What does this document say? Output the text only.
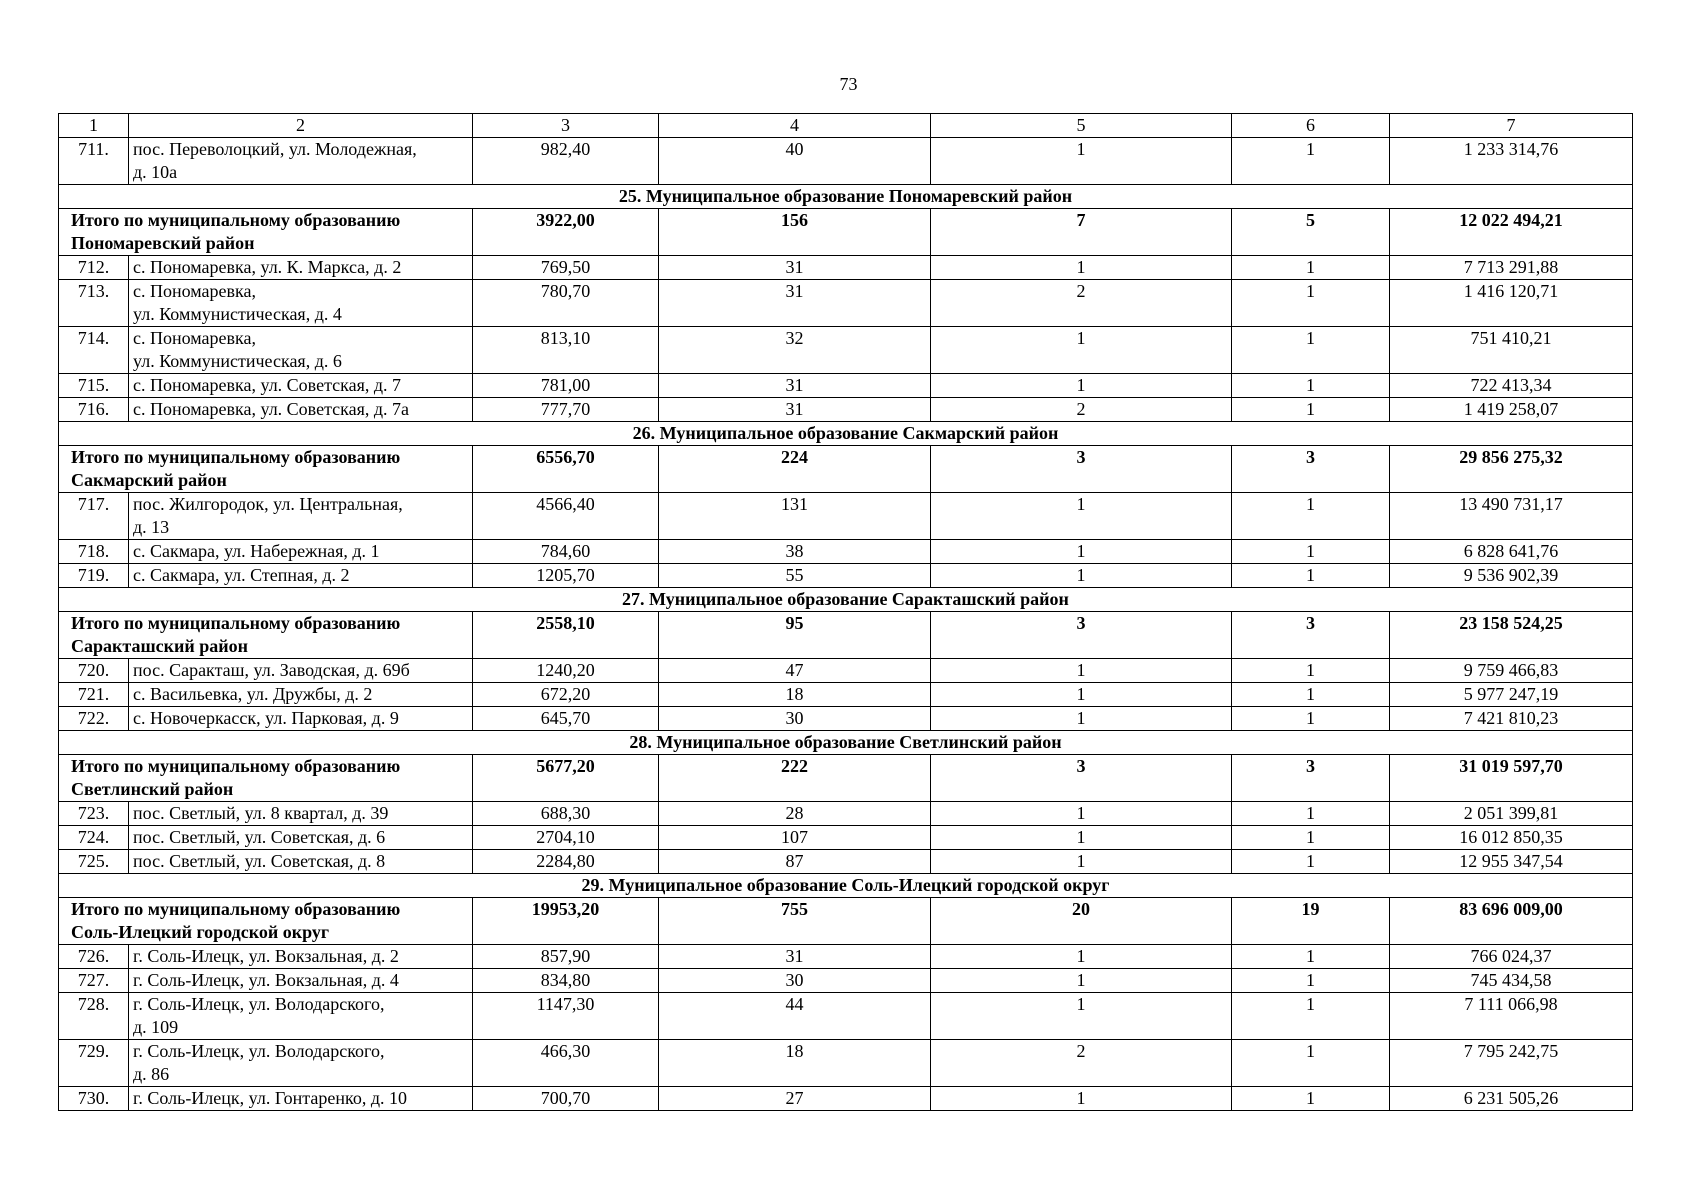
73
1	2	3	4	5	6	7
711.	пос. Переволоцкий, ул. Молодежная,
д. 10а	982,40	40	1	1	1 233 314,76
25. Муниципальное образование Пономаревский район						

Итого по муниципальному образованию
Пономаревский район		3922,00	156	7	5	12 022 494,21
712.	с. Пономаревка, ул. К. Маркса, д. 2	769,50	31	1	1	7 713 291,88
713.	с. Пономаревка,
ул. Коммунистическая, д. 4	780,70	31	2	1	1 416 120,71
714.	с. Пономаревка,
ул. Коммунистическая, д. 6	813,10	32	1	1	751 410,21
715.	с. Пономаревка, ул. Советская, д. 7	781,00	31	1	1	722 413,34
716.	с. Пономаревка, ул. Советская, д. 7а	777,70	31	2	1	1 419 258,07
26. Муниципальное образование Сакмарский район						

Итого по муниципальному образованию
Сакмарский район		6556,70	224	3	3	29 856 275,32
717.	пос. Жилгородок, ул. Центральная,
д. 13	4566,40	131	1	1	13 490 731,17
718.	с. Сакмара, ул. Набережная, д. 1	784,60	38	1	1	6 828 641,76
719.	с. Сакмара, ул. Степная, д. 2	1205,70	55	1	1	9 536 902,39
27. Муниципальное образование Саракташский район						

Итого по муниципальному образованию
Саракташский район		2558,10	95	3	3	23 158 524,25
720.	пос. Саракташ, ул. Заводская, д. 69б	1240,20	47	1	1	9 759 466,83
721.	с. Васильевка, ул. Дружбы, д. 2	672,20	18	1	1	5 977 247,19
722.	с. Новочеркасск, ул. Парковая, д. 9	645,70	30	1	1	7 421 810,23
28. Муниципальное образование Светлинский район						

Итого по муниципальному образованию
Светлинский район		5677,20	222	3	3	31 019 597,70
723.	пос. Светлый, ул. 8 квартал, д. 39	688,30	28	1	1	2 051 399,81
724.	пос. Светлый, ул. Советская, д. 6	2704,10	107	1	1	16 012 850,35
725.	пос. Светлый, ул. Советская, д. 8	2284,80	87	1	1	12 955 347,54
29. Муниципальное образование Соль-Илецкий городской округ						

Итого по муниципальному образованию
Соль-Илецкий городской округ		19953,20	755	20	19	83 696 009,00
726.	г. Соль-Илецк, ул. Вокзальная, д. 2	857,90	31	1	1	766 024,37
727.	г. Соль-Илецк, ул. Вокзальная, д. 4	834,80	30	1	1	745 434,58
728.	г. Соль-Илецк, ул. Володарского,
д. 109	1147,30	44	1	1	7 111 066,98
729.	г. Соль-Илецк, ул. Володарского,
д. 86	466,30	18	2	1	7 795 242,75
730.	г. Соль-Илецк, ул. Гонтаренко, д. 10	700,70	27	1	1	6 231 505,26
